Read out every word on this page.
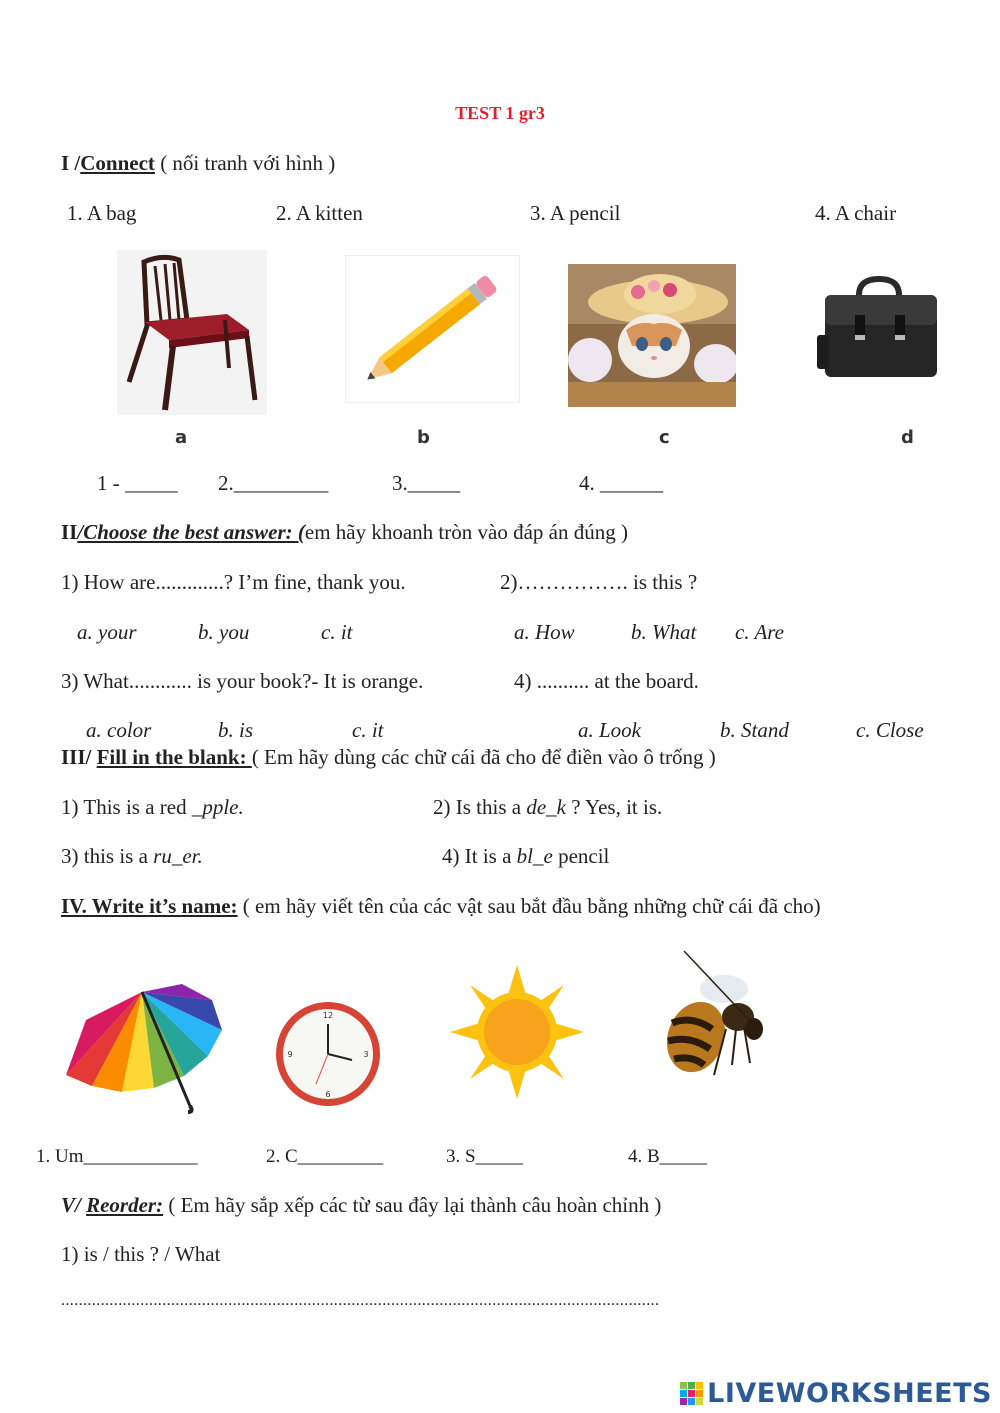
TEST 1 gr3
I /Connect ( nối tranh với hình )
1. A bag	2. A kitten	3. A pencil	4. A chair
a	b	c	d
1 - _____ 2._________	3._____	4. ______
II/Choose the best answer: (em hãy khoanh tròn vào đáp án đúng )
1) How are.............? I’m fine, thank you.	2)……………. is this ?
a. your	b. you	c. it	a. How	b. What c. Are
3) What............ is your book?- It is orange.	4) .......... at the board.
a. color	b. is	c. it	a. Look	b. Stand	c. Close
III/ Fill in the blank: ( Em hãy dùng các chữ cái đã cho để điền vào ô trống )
1) This is a red _pple.	2) Is this a de_k ? Yes, it is.
3) this is a ru_er.	4) It is a bl_e pencil
IV. Write it’s name: ( em hãy viết tên của các vật sau bắt đầu bằng những chữ cái đã cho)
12
6
9	3
1. Um____________	2. C_________	3. S_____	4. B_____
V/ Reorder: ( Em hãy sắp xếp các từ sau đây lại thành câu hoàn chỉnh )
1) is / this ? / What
........................................................................................................................................
LIVEWORKSHEETS
